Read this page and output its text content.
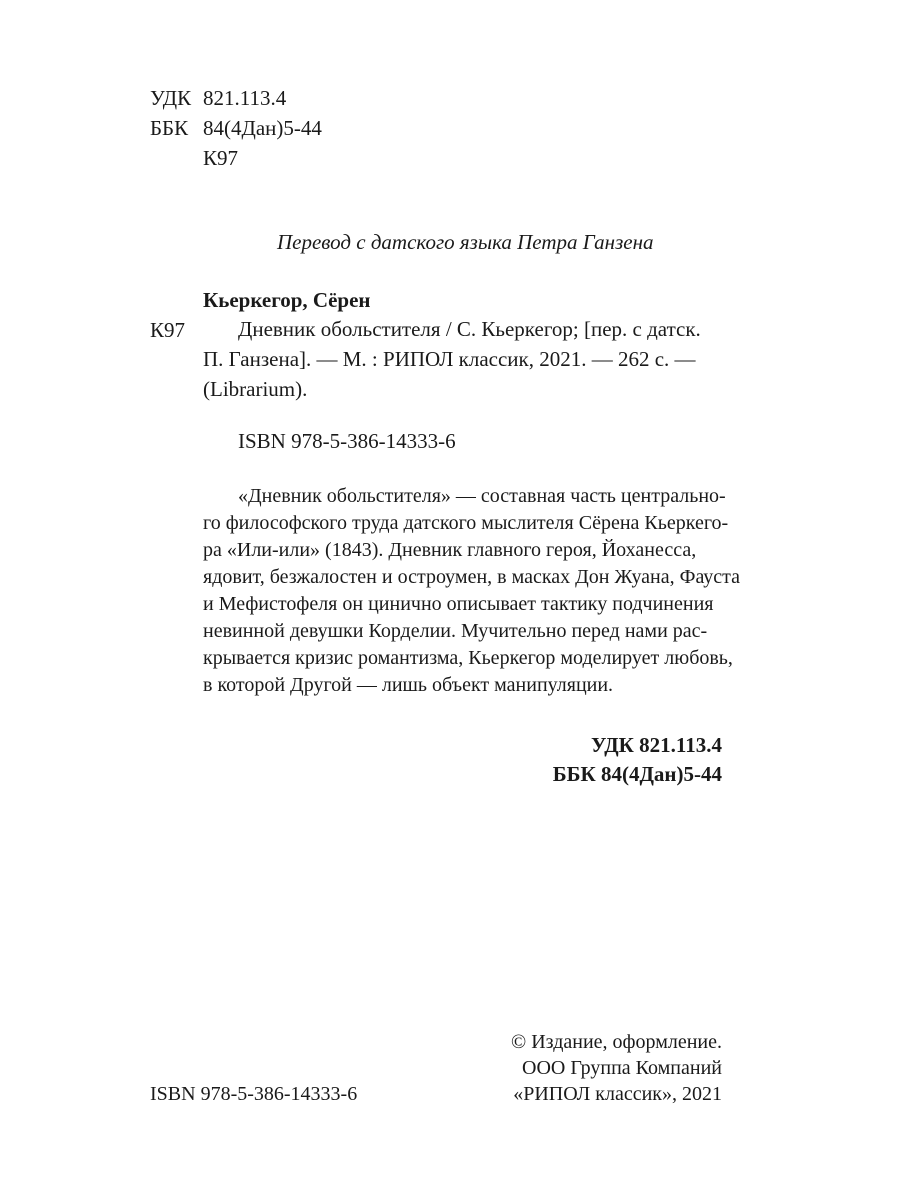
УДК 821.113.4
ББК 84(4Дан)5-44
К97
Перевод с датского языка Петра Ганзена
Кьеркегор, Сёрен
К97	Дневник обольстителя / С. Кьеркегор; [пер. с датск.
П. Ганзена]. — М. : РИПОЛ классик, 2021. — 262 с. —
(Librarium).
ISBN 978-5-386-14333-6
«Дневник обольстителя» — составная часть центрально-
го философского труда датского мыслителя Сёрена Кьеркего-
ра «Или-или» (1843). Дневник главного героя, Йоханесса,
ядовит, безжалостен и остроумен, в масках Дон Жуана, Фауста
и Мефистофеля он цинично описывает тактику подчинения
невинной девушки Корделии. Мучительно перед нами рас-
крывается кризис романтизма, Кьеркегор моделирует любовь,
в которой Другой — лишь объект манипуляции.
УДК 821.113.4
ББК 84(4Дан)5-44
ISBN 978-5-386-14333-6
© Издание, оформление.
ООО Группа Компаний
«РИПОЛ классик», 2021
